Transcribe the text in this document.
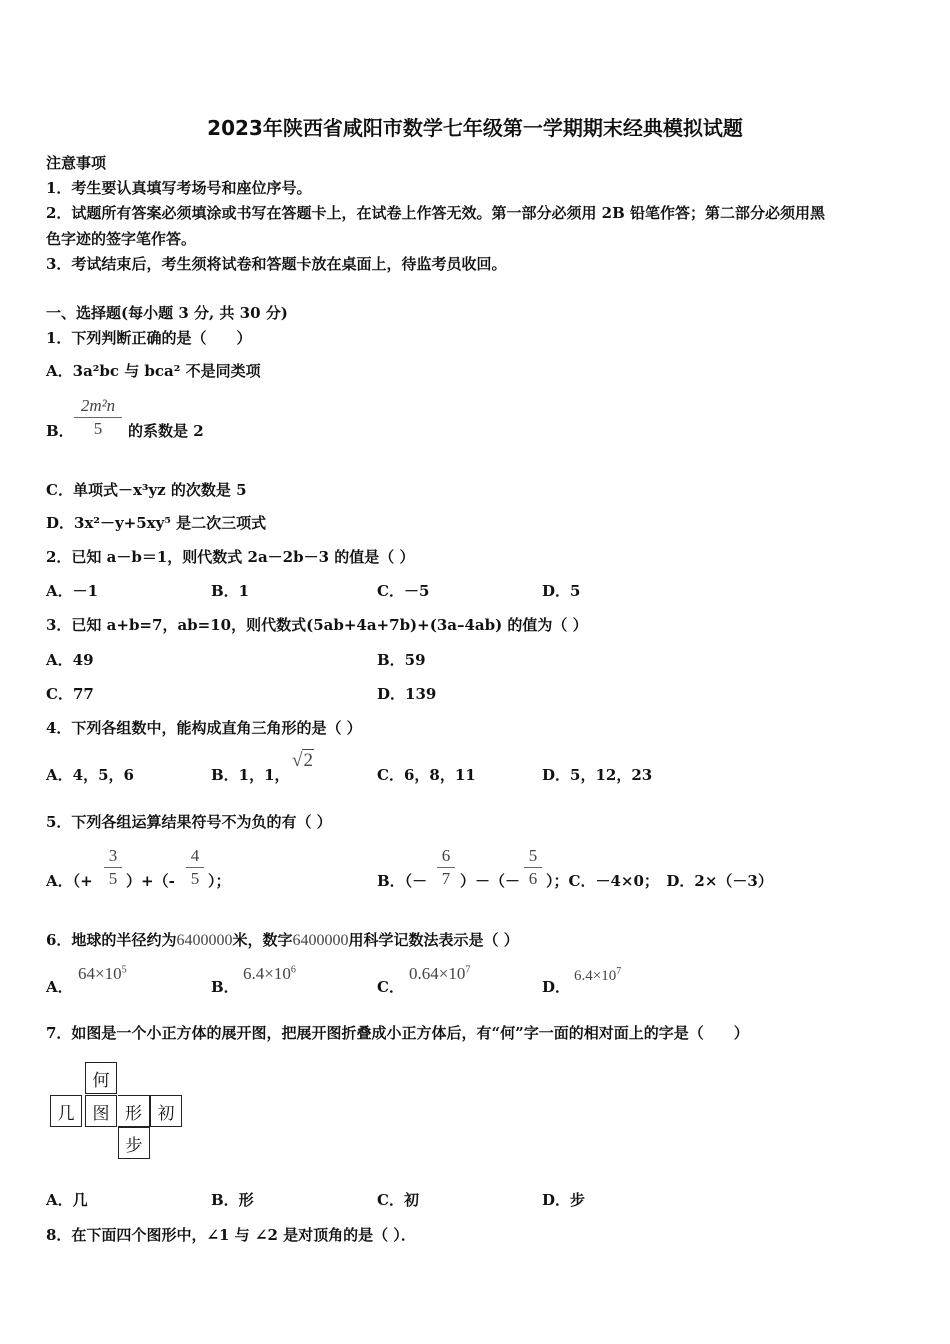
2023年陕西省咸阳市数学七年级第一学期期末经典模拟试题
注意事项
1．考生要认真填写考场号和座位序号。
2．试题所有答案必须填涂或书写在答题卡上，在试卷上作答无效。第一部分必须用 2B 铅笔作答；第二部分必须用黑
色字迹的签字笔作答。
3．考试结束后，考生须将试卷和答题卡放在桌面上，待监考员收回。
一、选择题(每小题 3 分, 共 30 分)
1．下列判断正确的是（　　）
A．3a²bc 与 bca² 不是同类项
B．
2m²n
5	的系数是 2
C．单项式－x³yz 的次数是 5
D．3x²－y+5xy⁵ 是二次三项式
2．已知 a－b＝1，则代数式 2a－2b－3 的值是（ ）
A．－1	B．1	C．－5	D．5
3．已知 a+b=7，ab=10，则代数式(5ab+4a+7b)+(3a–4ab) 的值为（ ）
A．49	B．59
C．77	D．139
4．下列各组数中，能构成直角三角形的是（ ）
A．4，5，6	B．1，1，
√2
C．6，8，11	D．5，12，23
5．下列各组运算结果符号不为负的有（ ）
A．（+
3
5 ）+（-
4
5 ）；	B．（－
6
7 ）－（－
5
6 ）；C．－4×0；　D．2×（－3）
6．地球的半径约为6400000米，数字6400000用科学记数法表示是（ ）
A．
$64\times 10^5$
B．
$6.4\times 10^6$
C．
$0.64\times 10^7$
D．
$6.4\times 10^7$
7．如图是一个小正方体的展开图，把展开图折叠成小正方体后，有“何”字一面的相对面上的字是（　　）
何
几	图 形 初
步
A．几	B．形	C．初	D．步
8．在下面四个图形中，∠1 与 ∠2 是对顶角的是（ ）．
